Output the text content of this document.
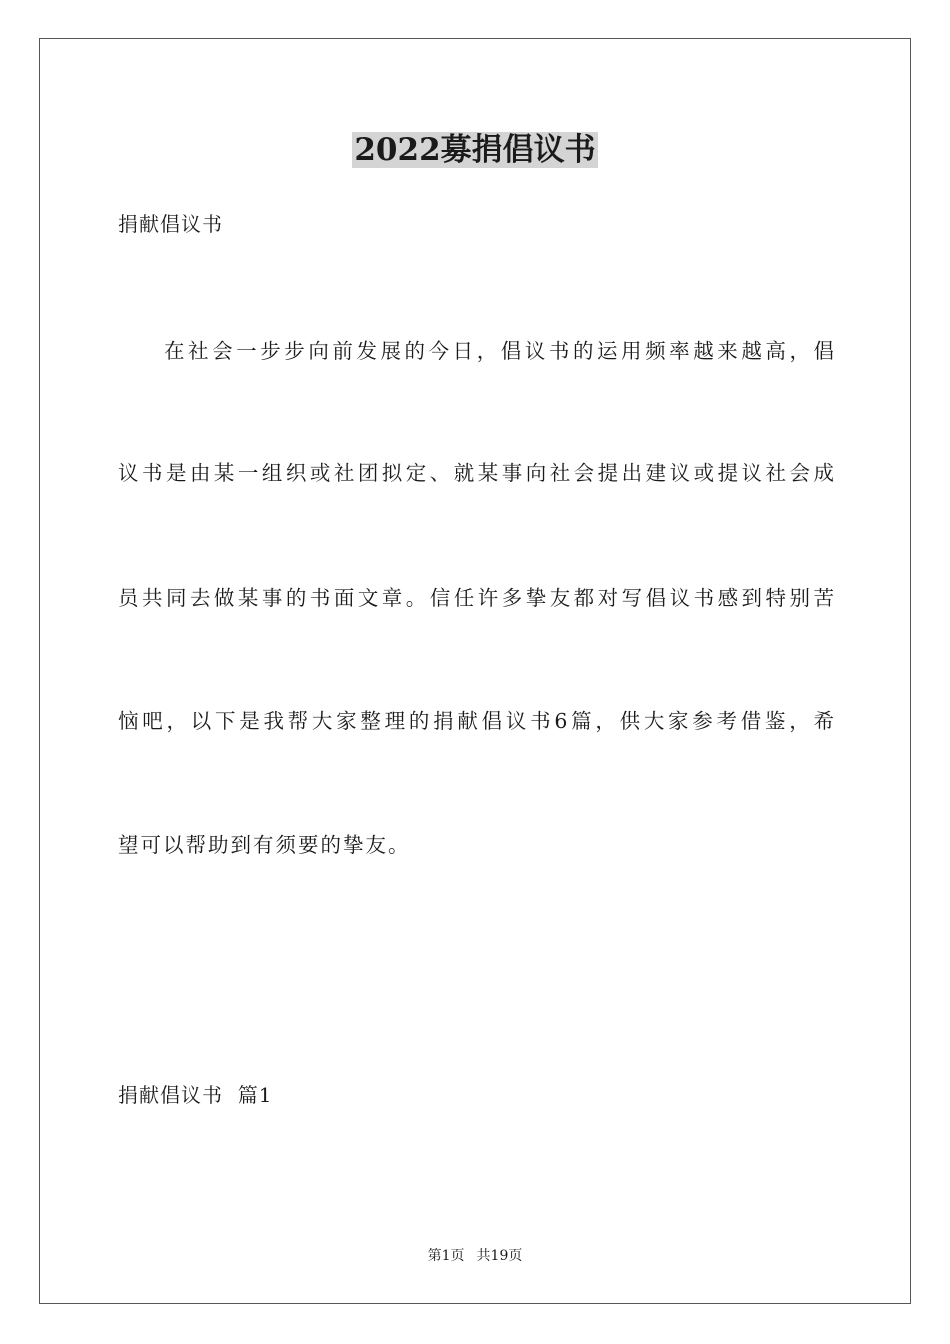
2022募捐倡议书

捐献倡议书

在社会一步步向前发展的今日，倡议书的运用频率越来越高，倡

议书是由某一组织或社团拟定、就某事向社会提出建议或提议社会成

员共同去做某事的书面文章。信任许多挚友都对写倡议书感到特别苦

恼吧，以下是我帮大家整理的捐献倡议书6篇，供大家参考借鉴，希

望可以帮助到有须要的挚友。

捐献倡议书  篇1

第1页 共19页
